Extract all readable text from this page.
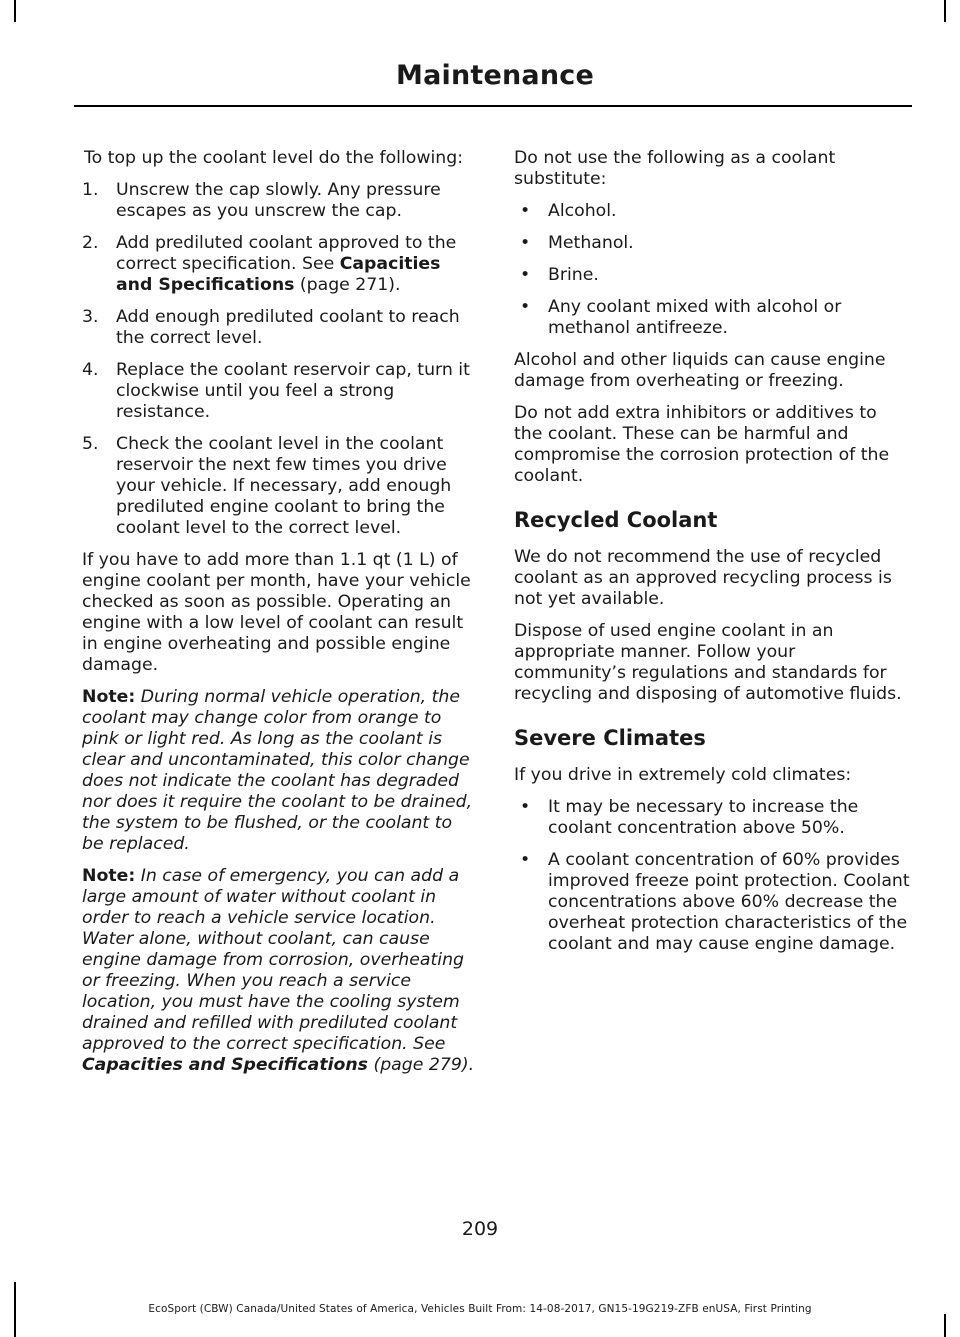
Maintenance

To top up the coolant level do the following:

1. Unscrew the cap slowly. Any pressure escapes as you unscrew the cap.
2. Add prediluted coolant approved to the correct specification. See Capacities and Specifications (page 271).
3. Add enough prediluted coolant to reach the correct level.
4. Replace the coolant reservoir cap, turn it clockwise until you feel a strong resistance.
5. Check the coolant level in the coolant reservoir the next few times you drive your vehicle. If necessary, add enough prediluted engine coolant to bring the coolant level to the correct level.

If you have to add more than 1.1 qt (1 L) of engine coolant per month, have your vehicle checked as soon as possible. Operating an engine with a low level of coolant can result in engine overheating and possible engine damage.

Note: During normal vehicle operation, the coolant may change color from orange to pink or light red. As long as the coolant is clear and uncontaminated, this color change does not indicate the coolant has degraded nor does it require the coolant to be drained, the system to be flushed, or the coolant to be replaced.

Note: In case of emergency, you can add a large amount of water without coolant in order to reach a vehicle service location. Water alone, without coolant, can cause engine damage from corrosion, overheating or freezing. When you reach a service location, you must have the cooling system drained and refilled with prediluted coolant approved to the correct specification. See Capacities and Specifications (page 279).

Do not use the following as a coolant substitute:

• Alcohol.
• Methanol.
• Brine.
• Any coolant mixed with alcohol or methanol antifreeze.

Alcohol and other liquids can cause engine damage from overheating or freezing.

Do not add extra inhibitors or additives to the coolant. These can be harmful and compromise the corrosion protection of the coolant.

Recycled Coolant

We do not recommend the use of recycled coolant as an approved recycling process is not yet available.

Dispose of used engine coolant in an appropriate manner. Follow your community’s regulations and standards for recycling and disposing of automotive fluids.

Severe Climates

If you drive in extremely cold climates:

• It may be necessary to increase the coolant concentration above 50%.
• A coolant concentration of 60% provides improved freeze point protection. Coolant concentrations above 60% decrease the overheat protection characteristics of the coolant and may cause engine damage.
209
EcoSport (CBW) Canada/United States of America, Vehicles Built From: 14-08-2017, GN15-19G219-ZFB enUSA, First Printing
